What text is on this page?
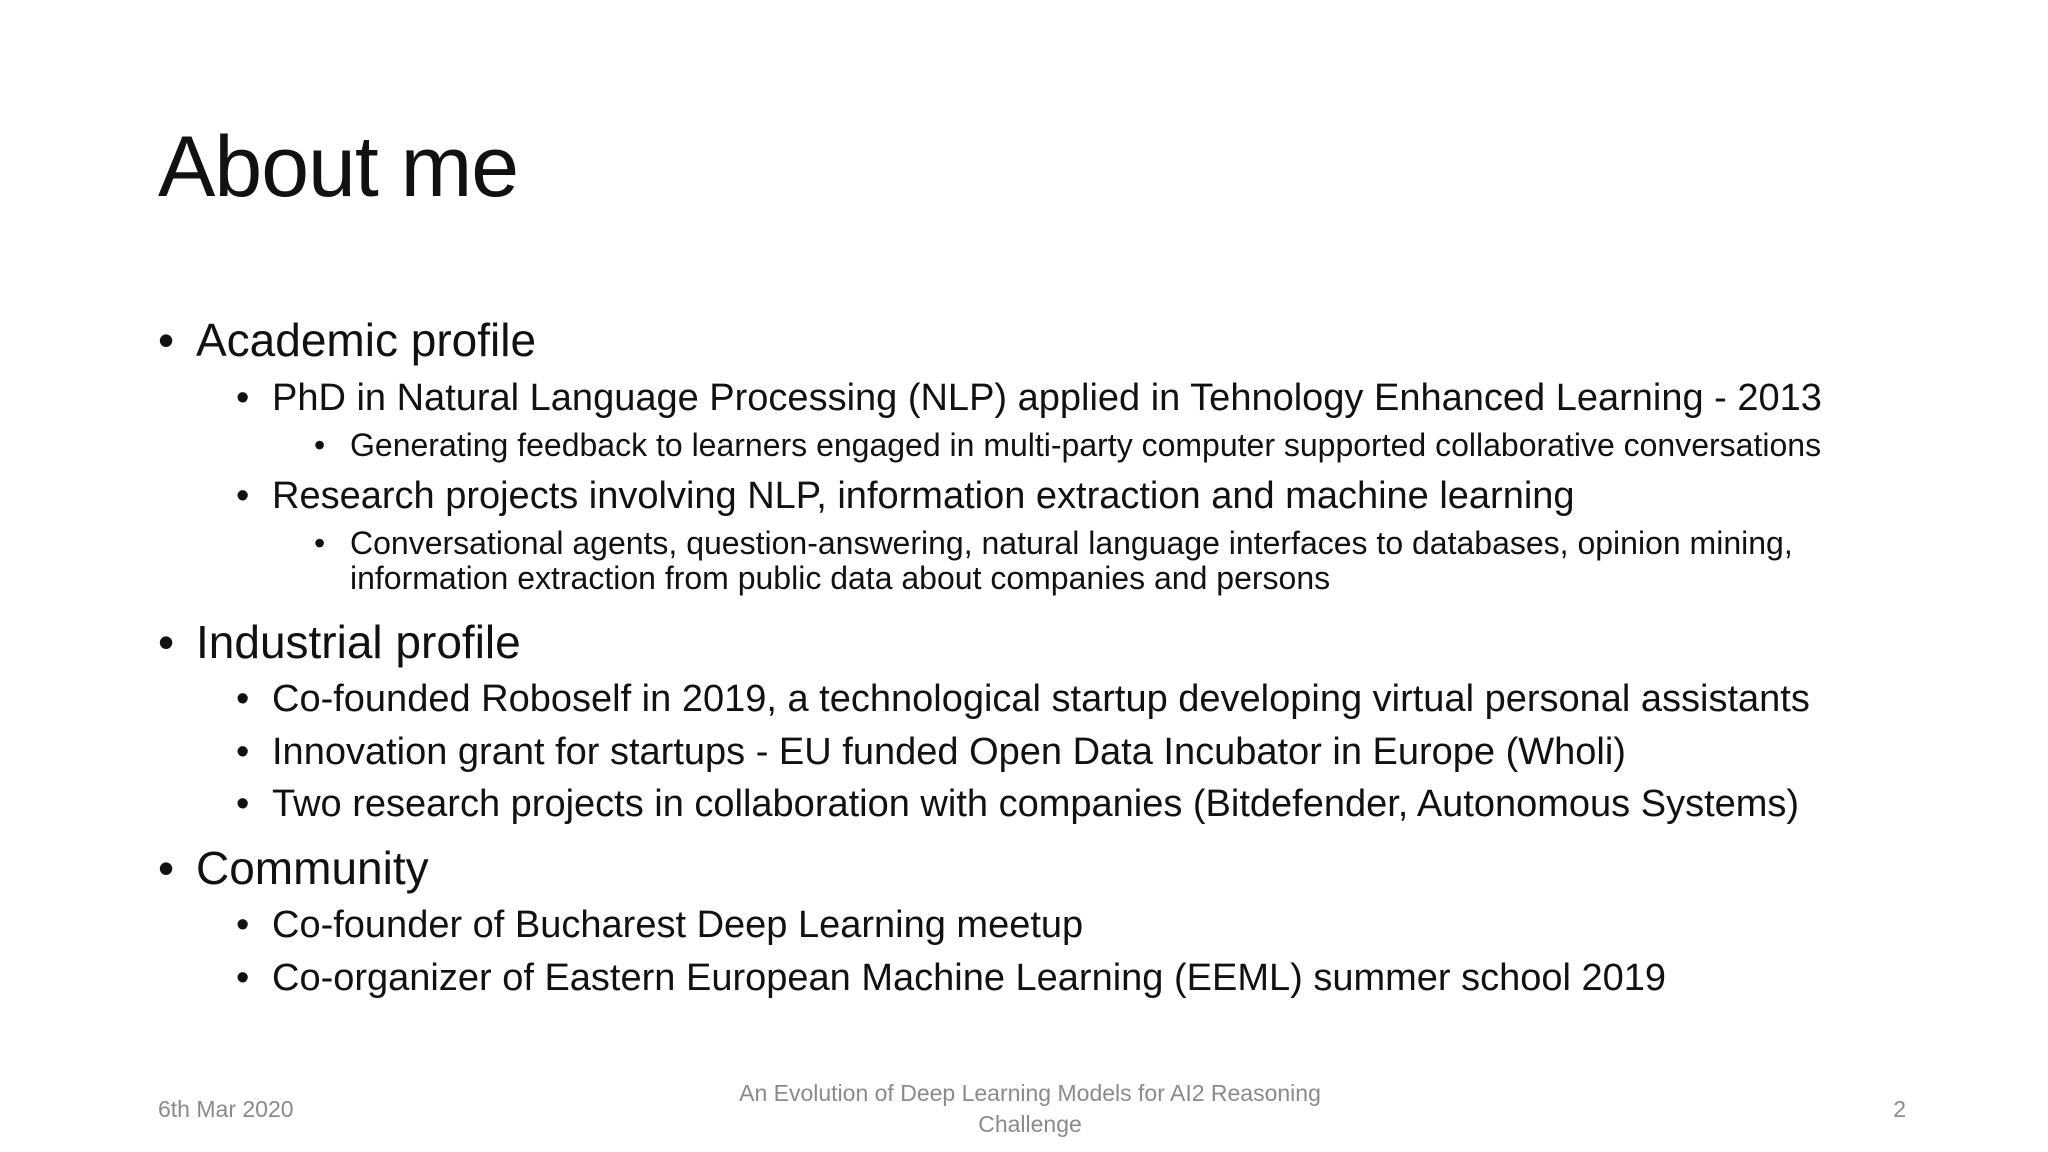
About me
• Academic profile
• PhD in Natural Language Processing (NLP) applied in Tehnology Enhanced Learning - 2013
• Generating feedback to learners engaged in multi-party computer supported collaborative conversations
• Research projects involving NLP, information extraction and machine learning
• Conversational agents, question-answering, natural language interfaces to databases, opinion mining,
information extraction from public data about companies and persons
• Industrial profile
• Co-founded Roboself in 2019, a technological startup developing virtual personal assistants
• Innovation grant for startups - EU funded Open Data Incubator in Europe (Wholi)
• Two research projects in collaboration with companies (Bitdefender, Autonomous Systems)
• Community
• Co-founder of Bucharest Deep Learning meetup
• Co-organizer of Eastern European Machine Learning (EEML) summer school 2019
6th Mar 2020
An Evolution of Deep Learning Models for AI2 Reasoning
Challenge
2
